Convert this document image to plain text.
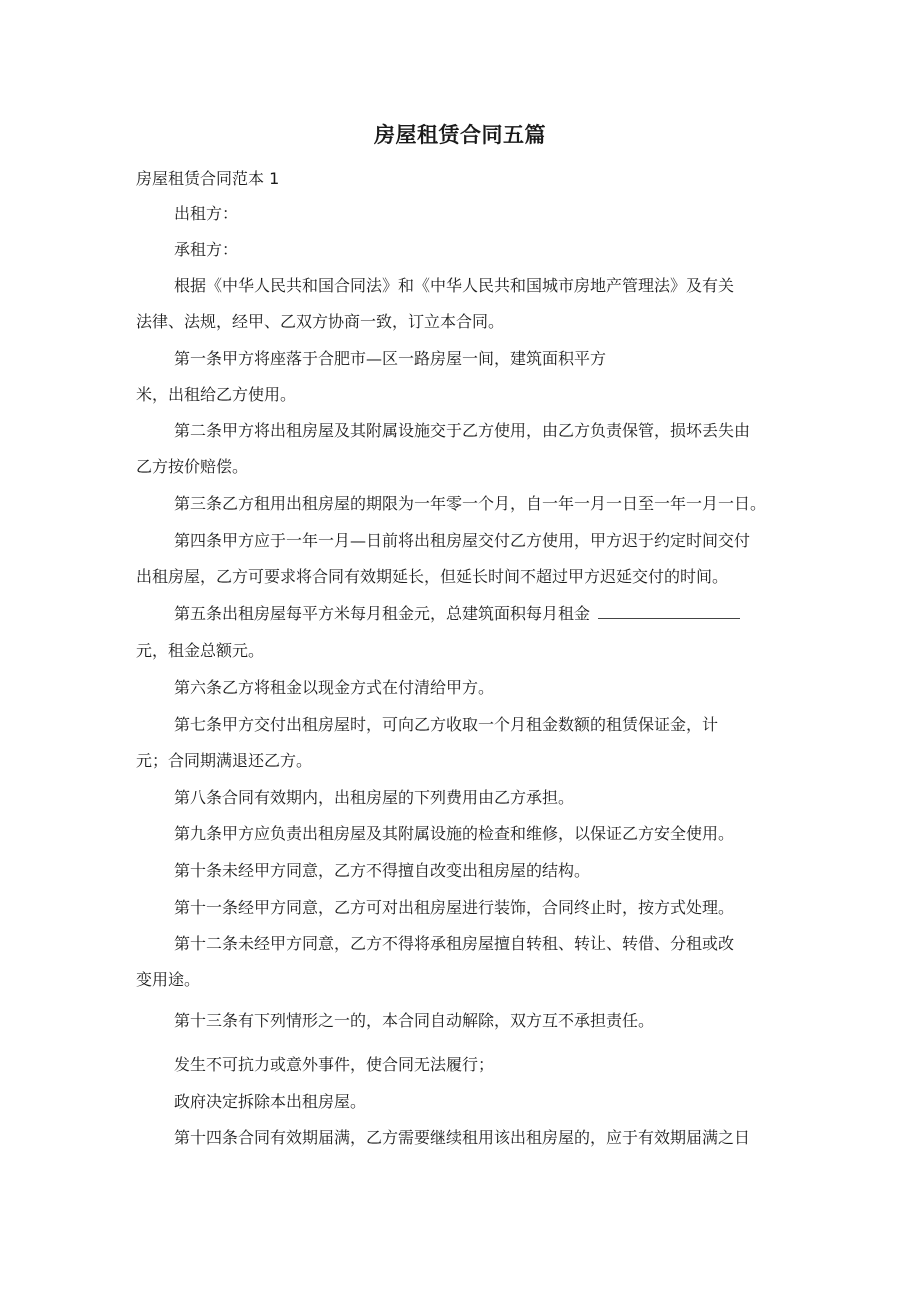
房屋租赁合同五篇
房屋租赁合同范本 1
出租方：
承租方：
根据《中华人民共和国合同法》和《中华人民共和国城市房地产管理法》及有关
法律、法规，经甲、乙双方协商一致，订立本合同。
第一条甲方将座落于合肥市—区一路房屋一间，建筑面积平方
米，出租给乙方使用。
第二条甲方将出租房屋及其附属设施交于乙方使用，由乙方负责保管，损坏丢失由
乙方按价赔偿。
第三条乙方租用出租房屋的期限为一年零一个月，自一年一月一日至一年一月一日。
第四条甲方应于一年一月—日前将出租房屋交付乙方使用，甲方迟于约定时间交付
出租房屋，乙方可要求将合同有效期延长，但延长时间不超过甲方迟延交付的时间。
第五条出租房屋每平方米每月租金元，总建筑面积每月租金
元，租金总额元。
第六条乙方将租金以现金方式在付清给甲方。
第七条甲方交付出租房屋时，可向乙方收取一个月租金数额的租赁保证金，计
元；合同期满退还乙方。
第八条合同有效期内，出租房屋的下列费用由乙方承担。
第九条甲方应负责出租房屋及其附属设施的检查和维修，以保证乙方安全使用。
第十条未经甲方同意，乙方不得擅自改变出租房屋的结构。
第十一条经甲方同意，乙方可对出租房屋进行装饰，合同终止时，按方式处理。
第十二条未经甲方同意，乙方不得将承租房屋擅自转租、转让、转借、分租或改
变用途。
第十三条有下列情形之一的，本合同自动解除，双方互不承担责任。
发生不可抗力或意外事件，使合同无法履行；
政府决定拆除本出租房屋。
第十四条合同有效期届满，乙方需要继续租用该出租房屋的，应于有效期届满之日
